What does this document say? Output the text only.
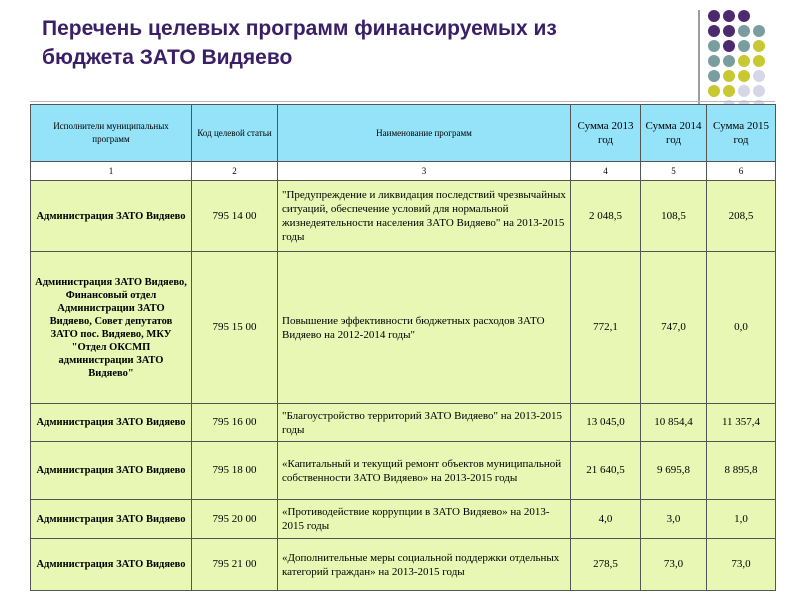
Перечень целевых программ финансируемых из
бюджета ЗАТО Видяево
Исполнители муниципальных программ	Код целевой статьи	Наименование программ	Сумма 2013 год	Сумма 2014 год	Сумма 2015 год
1	2	3	4	5	6
Администрация ЗАТО Видяево	795 14 00	"Предупреждение и ликвидация последствий чрезвычайных ситуаций, обеспечение условий для нормальной жизнедеятельности населения ЗАТО Видяево" на 2013-2015 годы	2 048,5	108,5	208,5
Администрация ЗАТО Видяево, Финансовый отдел Администрации ЗАТО Видяево, Совет депутатов ЗАТО пос. Видяево, МКУ "Отдел ОКСМП администрации ЗАТО Видяево"	795 15 00	Повышение эффективности бюджетных расходов ЗАТО Видяево на 2012-2014 годы"	772,1	747,0	0,0
Администрация ЗАТО Видяево	795 16 00	"Благоустройство территорий ЗАТО Видяево" на 2013-2015 годы	13 045,0	10 854,4	11 357,4
Администрация ЗАТО Видяево	795 18 00	«Капитальный и текущий ремонт объектов муниципальной собственности ЗАТО Видяево» на 2013-2015 годы	21 640,5	9 695,8	8 895,8
Администрация ЗАТО Видяево	795 20 00	«Противодействие коррупции в ЗАТО Видяево» на 2013-2015 годы	4,0	3,0	1,0
Администрация ЗАТО Видяево	795 21 00	«Дополнительные меры социальной поддержки отдельных категорий граждан» на 2013-2015 годы	278,5	73,0	73,0
